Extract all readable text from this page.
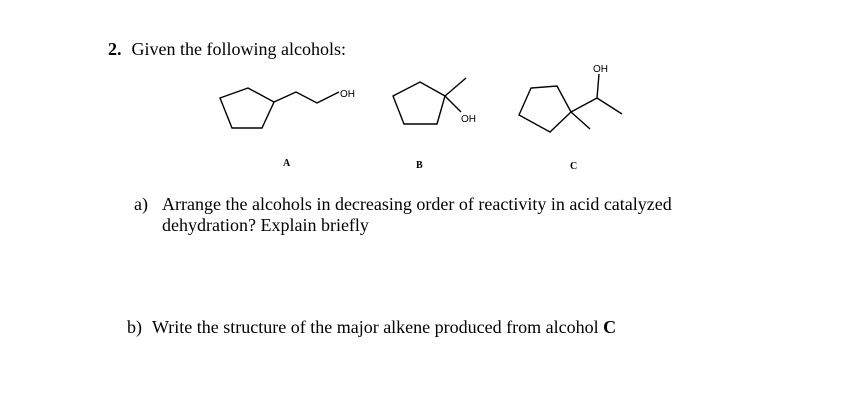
2. Given the following alcohols:
OH
OH
OH
A	B	C
a) Arrange the alcohols in decreasing order of reactivity in acid catalyzed
dehydration? Explain briefly
b) Write the structure of the major alkene produced from alcohol C
